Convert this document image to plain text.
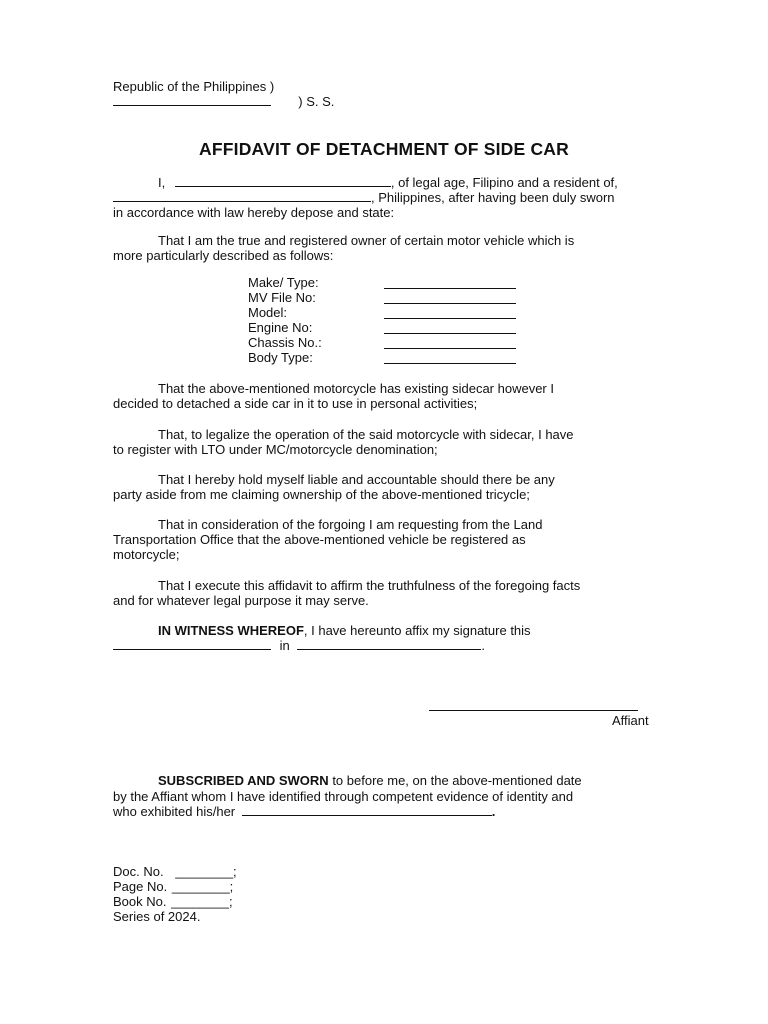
Republic of the Philippines )
) S. S.
AFFIDAVIT OF DETACHMENT OF SIDE CAR
I,	, of legal age, Filipino and a resident of,
, Philippines, after having been duly sworn
in accordance with law hereby depose and state:
That I am the true and registered owner of certain motor vehicle which is
more particularly described as follows:
Make/ Type:
MV File No:
Model:
Engine No:
Chassis No.:
Body Type:
That the above-mentioned motorcycle has existing sidecar however I
decided to detached a side car in it to use in personal activities;
That, to legalize the operation of the said motorcycle with sidecar, I have
to register with LTO under MC/motorcycle denomination;
That I hereby hold myself liable and accountable should there be any
party aside from me claiming ownership of the above-mentioned tricycle;
That in consideration of the forgoing I am requesting from the Land
Transportation Office that the above-mentioned vehicle be registered as
motorcycle;
That I execute this affidavit to affirm the truthfulness of the foregoing facts
and for whatever legal purpose it may serve.
IN WITNESS WHEREOF, I have hereunto affix my signature this
in	.
Affiant
SUBSCRIBED AND SWORN to before me, on the above-mentioned date
by the Affiant whom I have identified through competent evidence of identity and
who exhibited his/her	.
Doc. No. ________;
Page No. ________;
Book No. ________;
Series of 2024.
